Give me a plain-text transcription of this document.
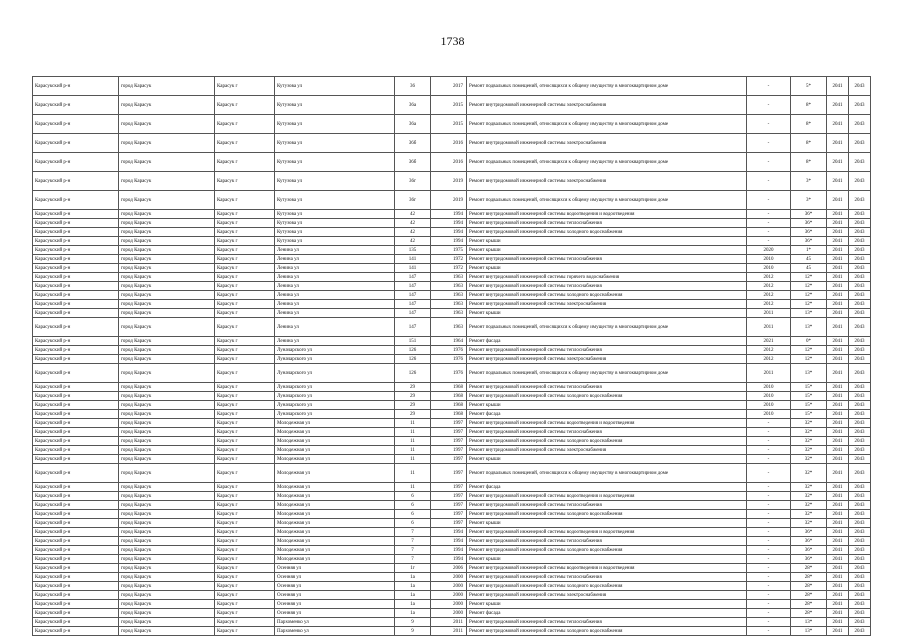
1738
Карасукский р-н	город Карасук	Карасук г	Кутузова ул	36	2017	Ремонт подвальных помещений, относящихся к общему имуществу в многоквартирном доме	-	5*	2041	2043
Карасукский р-н	город Карасук	Карасук г	Кутузова ул	36а	2015	Ремонт внутридомовой инженерной системы электроснабжения	-	8*	2041	2043
Карасукский р-н	город Карасук	Карасук г	Кутузова ул	36а	2015	Ремонт подвальных помещений, относящихся к общему имуществу в многоквартирном доме	-	8*	2041	2043
Карасукский р-н	город Карасук	Карасук г	Кутузова ул	36б	2016	Ремонт внутридомовой инженерной системы электроснабжения	-	8*	2041	2043
Карасукский р-н	город Карасук	Карасук г	Кутузова ул	36б	2016	Ремонт подвальных помещений, относящихся к общему имуществу в многоквартирном доме	-	8*	2041	2043
Карасукский р-н	город Карасук	Карасук г	Кутузова ул	36г	2019	Ремонт внутридомовой инженерной системы электроснабжения	-	3*	2041	2043
Карасукский р-н	город Карасук	Карасук г	Кутузова ул	36г	2019	Ремонт подвальных помещений, относящихся к общему имуществу в многоквартирном доме	-	3*	2041	2043
Карасукский р-н	город Карасук	Карасук г	Кутузова ул	42	1994	Ремонт внутридомовой инженерной системы водоотведения и водоотведения	-	36*	2041	2043
Карасукский р-н	город Карасук	Карасук г	Кутузова ул	42	1994	Ремонт внутридомовой инженерной системы теплоснабжения	-	36*	2041	2043
Карасукский р-н	город Карасук	Карасук г	Кутузова ул	42	1994	Ремонт внутридомовой инженерной системы холодного водоснабжения	-	36*	2041	2043
Карасукский р-н	город Карасук	Карасук г	Кутузова ул	42	1994	Ремонт крыши	-	36*	2041	2043
Карасукский р-н	город Карасук	Карасук г	Ленина ул	135	1975	Ремонт крыши	2020	1*	2041	2043
Карасукский р-н	город Карасук	Карасук г	Ленина ул	141	1972	Ремонт внутридомовой инженерной системы теплоснабжения	2010	45	2041	2043
Карасукский р-н	город Карасук	Карасук г	Ленина ул	141	1972	Ремонт крыши	2010	45	2041	2043
Карасукский р-н	город Карасук	Карасук г	Ленина ул	147	1963	Ремонт внутридомовой инженерной системы горячего водоснабжения	2012	12*	2041	2043
Карасукский р-н	город Карасук	Карасук г	Ленина ул	147	1963	Ремонт внутридомовой инженерной системы теплоснабжения	2012	12*	2041	2043
Карасукский р-н	город Карасук	Карасук г	Ленина ул	147	1963	Ремонт внутридомовой инженерной системы холодного водоснабжения	2012	12*	2041	2043
Карасукский р-н	город Карасук	Карасук г	Ленина ул	147	1963	Ремонт внутридомовой инженерной системы электроснабжения	2012	12*	2041	2043
Карасукский р-н	город Карасук	Карасук г	Ленина ул	147	1963	Ремонт крыши	2011	13*	2041	2043
Карасукский р-н	город Карасук	Карасук г	Ленина ул	147	1963	Ремонт подвальных помещений, относящихся к общему имуществу в многоквартирном доме	2011	13*	2041	2043
Карасукский р-н	город Карасук	Карасук г	Ленина ул	151	1964	Ремонт фасада	2021	0*	2041	2043
Карасукский р-н	город Карасук	Карасук г	Луначарского ул	126	1976	Ремонт внутридомовой инженерной системы теплоснабжения	2012	12*	2041	2043
Карасукский р-н	город Карасук	Карасук г	Луначарского ул	126	1976	Ремонт внутридомовой инженерной системы электроснабжения	2012	12*	2041	2043
Карасукский р-н	город Карасук	Карасук г	Луначарского ул	126	1976	Ремонт подвальных помещений, относящихся к общему имуществу в многоквартирном доме	2011	13*	2041	2043
Карасукский р-н	город Карасук	Карасук г	Луначарского ул	29	1968	Ремонт внутридомовой инженерной системы теплоснабжения	2010	15*	2041	2043
Карасукский р-н	город Карасук	Карасук г	Луначарского ул	29	1968	Ремонт внутридомовой инженерной системы холодного водоснабжения	2010	15*	2041	2043
Карасукский р-н	город Карасук	Карасук г	Луначарского ул	29	1968	Ремонт крыши	2010	15*	2041	2043
Карасукский р-н	город Карасук	Карасук г	Луначарского ул	29	1968	Ремонт фасада	2010	15*	2041	2043
Карасукский р-н	город Карасук	Карасук г	Молодежная ул	11	1997	Ремонт внутридомовой инженерной системы водоотведения и водоотведения	-	32*	2041	2043
Карасукский р-н	город Карасук	Карасук г	Молодежная ул	11	1997	Ремонт внутридомовой инженерной системы теплоснабжения	-	32*	2041	2043
Карасукский р-н	город Карасук	Карасук г	Молодежная ул	11	1997	Ремонт внутридомовой инженерной системы холодного водоснабжения	-	32*	2041	2043
Карасукский р-н	город Карасук	Карасук г	Молодежная ул	11	1997	Ремонт внутридомовой инженерной системы электроснабжения	-	32*	2041	2043
Карасукский р-н	город Карасук	Карасук г	Молодежная ул	11	1997	Ремонт крыши	-	32*	2041	2043
Карасукский р-н	город Карасук	Карасук г	Молодежная ул	11	1997	Ремонт подвальных помещений, относящихся к общему имуществу в многоквартирном доме	-	32*	2041	2043
Карасукский р-н	город Карасук	Карасук г	Молодежная ул	11	1997	Ремонт фасада	-	32*	2041	2043
Карасукский р-н	город Карасук	Карасук г	Молодежная ул	6	1997	Ремонт внутридомовой инженерной системы водоотведения и водоотведения	-	32*	2041	2043
Карасукский р-н	город Карасук	Карасук г	Молодежная ул	6	1997	Ремонт внутридомовой инженерной системы теплоснабжения	-	32*	2041	2043
Карасукский р-н	город Карасук	Карасук г	Молодежная ул	6	1997	Ремонт внутридомовой инженерной системы холодного водоснабжения	-	32*	2041	2043
Карасукский р-н	город Карасук	Карасук г	Молодежная ул	6	1997	Ремонт крыши	-	32*	2041	2043
Карасукский р-н	город Карасук	Карасук г	Молодежная ул	7	1994	Ремонт внутридомовой инженерной системы водоотведения и водоотведения	-	36*	2041	2043
Карасукский р-н	город Карасук	Карасук г	Молодежная ул	7	1994	Ремонт внутридомовой инженерной системы теплоснабжения	-	36*	2041	2043
Карасукский р-н	город Карасук	Карасук г	Молодежная ул	7	1994	Ремонт внутридомовой инженерной системы холодного водоснабжения	-	36*	2041	2043
Карасукский р-н	город Карасук	Карасук г	Молодежная ул	7	1994	Ремонт крыши	-	36*	2041	2043
Карасукский р-н	город Карасук	Карасук г	Осенняя ул	1г	2006	Ремонт внутридомовой инженерной системы водоотведения и водоотведения	-	28*	2041	2043
Карасукский р-н	город Карасук	Карасук г	Осенняя ул	1а	2000	Ремонт внутридомовой инженерной системы теплоснабжения	-	28*	2041	2043
Карасукский р-н	город Карасук	Карасук г	Осенняя ул	1а	2000	Ремонт внутридомовой инженерной системы холодного водоснабжения	-	28*	2041	2043
Карасукский р-н	город Карасук	Карасук г	Осенняя ул	1а	2000	Ремонт внутридомовой инженерной системы электроснабжения	-	28*	2041	2043
Карасукский р-н	город Карасук	Карасук г	Осенняя ул	1а	2000	Ремонт крыши	-	28*	2041	2043
Карасукский р-н	город Карасук	Карасук г	Осенняя ул	1а	2000	Ремонт фасада	-	28*	2041	2043
Карасукский р-н	город Карасук	Карасук г	Пархоменко ул	9	2011	Ремонт внутридомовой инженерной системы теплоснабжения	-	13*	2041	2043
Карасукский р-н	город Карасук	Карасук г	Пархоменко ул	9	2011	Ремонт внутридомовой инженерной системы холодного водоснабжения	-	13*	2041	2043
